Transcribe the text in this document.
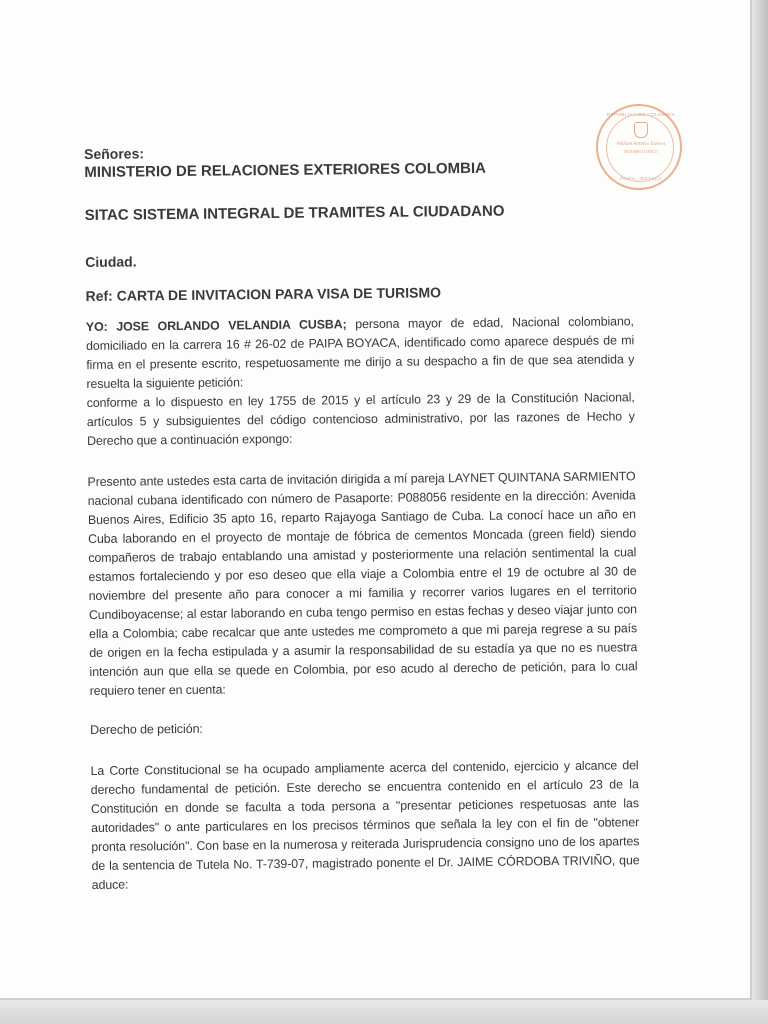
REPUBLICA DE COLOMBIA
William Antonio Esteves
NOTARIO UNICO
PAIPA · BOYACA

Señores:

MINISTERIO DE RELACIONES EXTERIORES COLOMBIA

SITAC SISTEMA INTEGRAL DE TRAMITES AL CIUDADANO

Ciudad.

Ref: CARTA DE INVITACION PARA VISA DE TURISMO

YO: JOSE ORLANDO VELANDIA CUSBA; persona mayor de edad, Nacional colombiano, domiciliado en la carrera 16 # 26-02 de PAIPA BOYACA, identificado como aparece después de mi firma en el presente escrito, respetuosamente me dirijo a su despacho a fin de que sea atendida y resuelta la siguiente petición:
conforme a lo dispuesto en ley 1755 de 2015 y el artículo 23 y 29 de la Constitución Nacional, artículos 5 y subsiguientes del código contencioso administrativo, por las razones de Hecho y Derecho que a continuación expongo:

Presento ante ustedes esta carta de invitación dirigida a mí pareja LAYNET QUINTANA SARMIENTO nacional cubana identificado con número de Pasaporte: P088056 residente en la dirección: Avenida Buenos Aires, Edificio 35 apto 16, reparto Rajayoga Santiago de Cuba. La conocí hace un año en Cuba laborando en el proyecto de montaje de fóbrica de cementos Moncada (green field) siendo compañeros de trabajo entablando una amistad y posteriormente una relación sentimental la cual estamos fortaleciendo y por eso deseo que ella viaje a Colombia entre el 19 de octubre al 30 de noviembre del presente año para conocer a mi familia y recorrer varios lugares en el territorio Cundiboyacense; al estar laborando en cuba tengo permiso en estas fechas y deseo viajar junto con ella a Colombia; cabe recalcar que ante ustedes me comprometo a que mi pareja regrese a su país de origen en la fecha estipulada y a asumir la responsabilidad de su estadía ya que no es nuestra intención aun que ella se quede en Colombia, por eso acudo al derecho de petición, para lo cual requiero tener en cuenta:

Derecho de petición:

La Corte Constitucional se ha ocupado ampliamente acerca del contenido, ejercicio y alcance del derecho fundamental de petición. Este derecho se encuentra contenido en el artículo 23 de la Constitución en donde se faculta a toda persona a "presentar peticiones respetuosas ante las autoridades" o ante particulares en los precisos términos que señala la ley con el fin de "obtener pronta resolución". Con base en la numerosa y reiterada Jurisprudencia consigno uno de los apartes de la sentencia de Tutela No. T-739-07, magistrado ponente el Dr. JAIME CÓRDOBA TRIVIÑO, que aduce:
